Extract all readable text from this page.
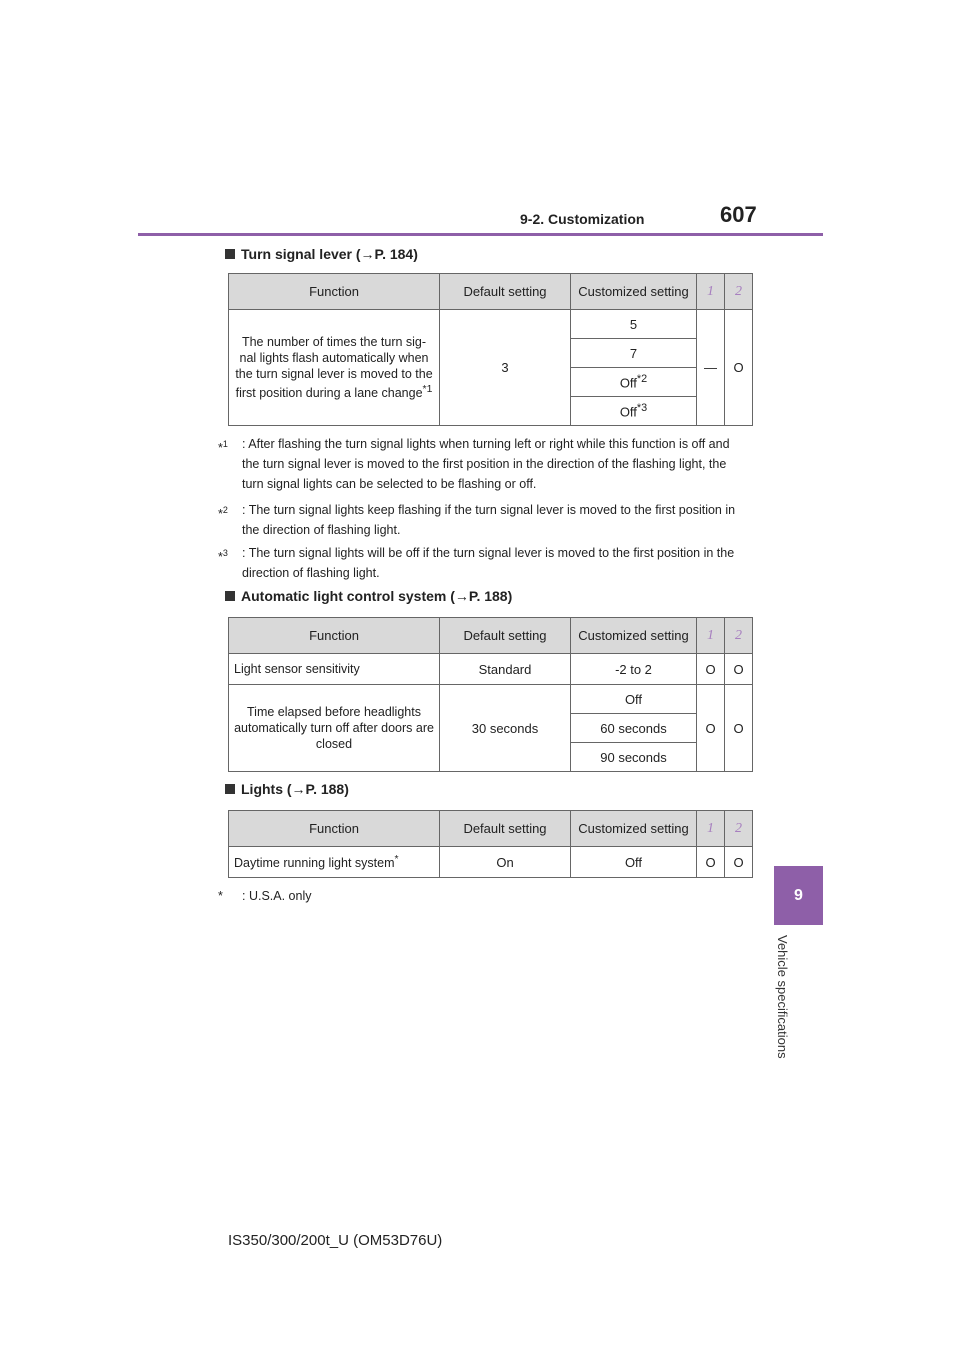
9-2. Customization	607
9
Vehicle specifications
Turn signal lever (→P. 184)
Function	Default setting	Customized setting	1	2
The number of times the turn sig-nal lights flash automatically when the turn signal lever is moved to the first position during a lane change$^{*1}$	3	5	—	O
		7		
		Off$^{*2}$
		Off$^{*3}$
*$^1$	: After flashing the turn signal lights when turning left or right while this function is off and the turn signal lever is moved to the first position in the direction of the flashing light, the turn signal lights can be selected to be flashing or off.
*$^2$	: The turn signal lights keep flashing if the turn signal lever is moved to the first position in the direction of flashing light.
*$^3$	: The turn signal lights will be off if the turn signal lever is moved to the first position in the direction of flashing light.
Automatic light control system (→P. 188)
Function	Default setting	Customized setting	1	2
Light sensor sensitivity	Standard	-2 to 2	O	O
Time elapsed before headlights automatically turn off after doors are closed	30 seconds	Off	O	O
		60 seconds		
		90 seconds		
Lights (→P. 188)
Function	Default setting	Customized setting	1	2
Daytime running light system*	On	Off	O	O
*	: U.S.A. only
IS350/300/200t_U (OM53D76U)
